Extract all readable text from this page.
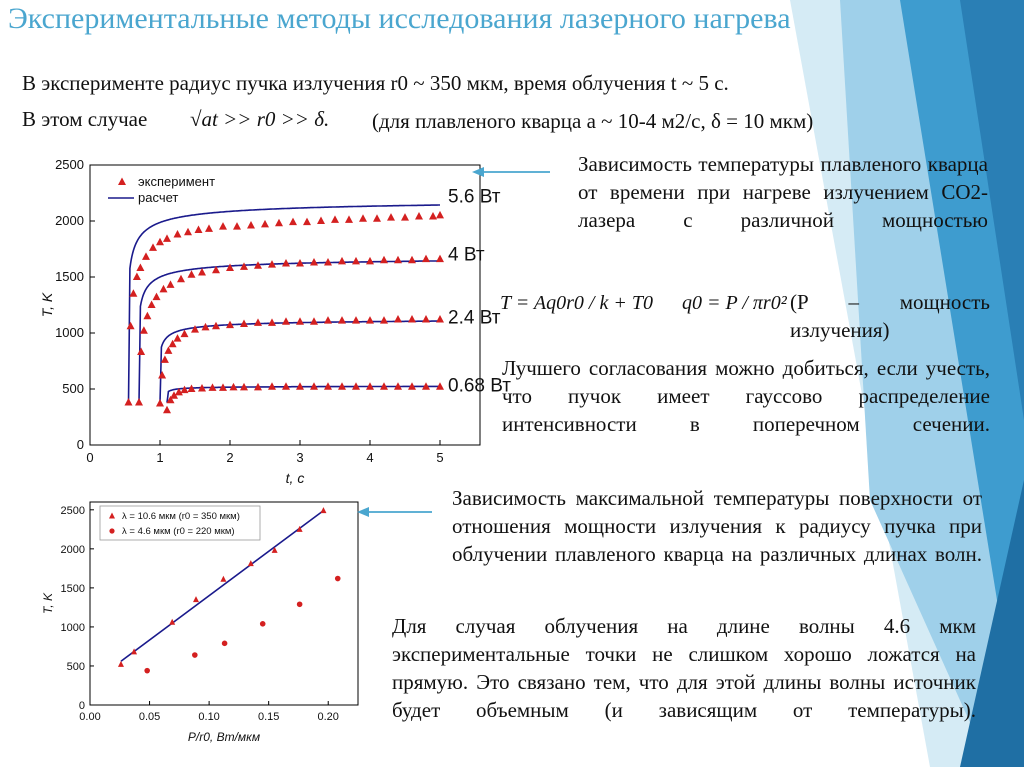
Экспериментальные методы исследования лазерного нагрева
В эксперименте радиус пучка излучения r0 ~ 350 мкм, время облучения t ~ 5 с.
В этом случае √at >> r0 >> δ. (для плавленого кварца a ~ 10-4 м2/с, δ = 10 мкм)
0	1	2	3	4	5
0
500
1000
1500
2000
2500
t, c
T, K
эксперимент
расчет	5.6 Вт
4 Вт
2.4 Вт
0.68 Вт
0.00	0.05	0.10	0.15	0.20
0
500
1000
1500
2000
2500
P/r0, Вт/мкм
T, K
λ = 10.6 мкм (r0 = 350 мкм)
λ = 4.6 мкм (r0 = 220 мкм)
Зависимость температуры плавленого кварца от времени при нагреве излучением CO2-лазера с различной мощностью
T = Aq0r0 / k + T0 q0 = P / πr0² (P – мощность излучения)
Лучшего согласования можно добиться, если учесть, что пучок имеет гауссово распределение интенсивности в поперечном сечении.
Зависимость максимальной температуры поверхности от отношения мощности излучения к радиусу пучка при облучении плавленого кварца на различных длинах волн.
Для случая облучения на длине волны 4.6 мкм экспериментальные точки не слишком хорошо ложатся на прямую. Это связано тем, что для этой длины волны источник будет объемным (и зависящим от температуры).
